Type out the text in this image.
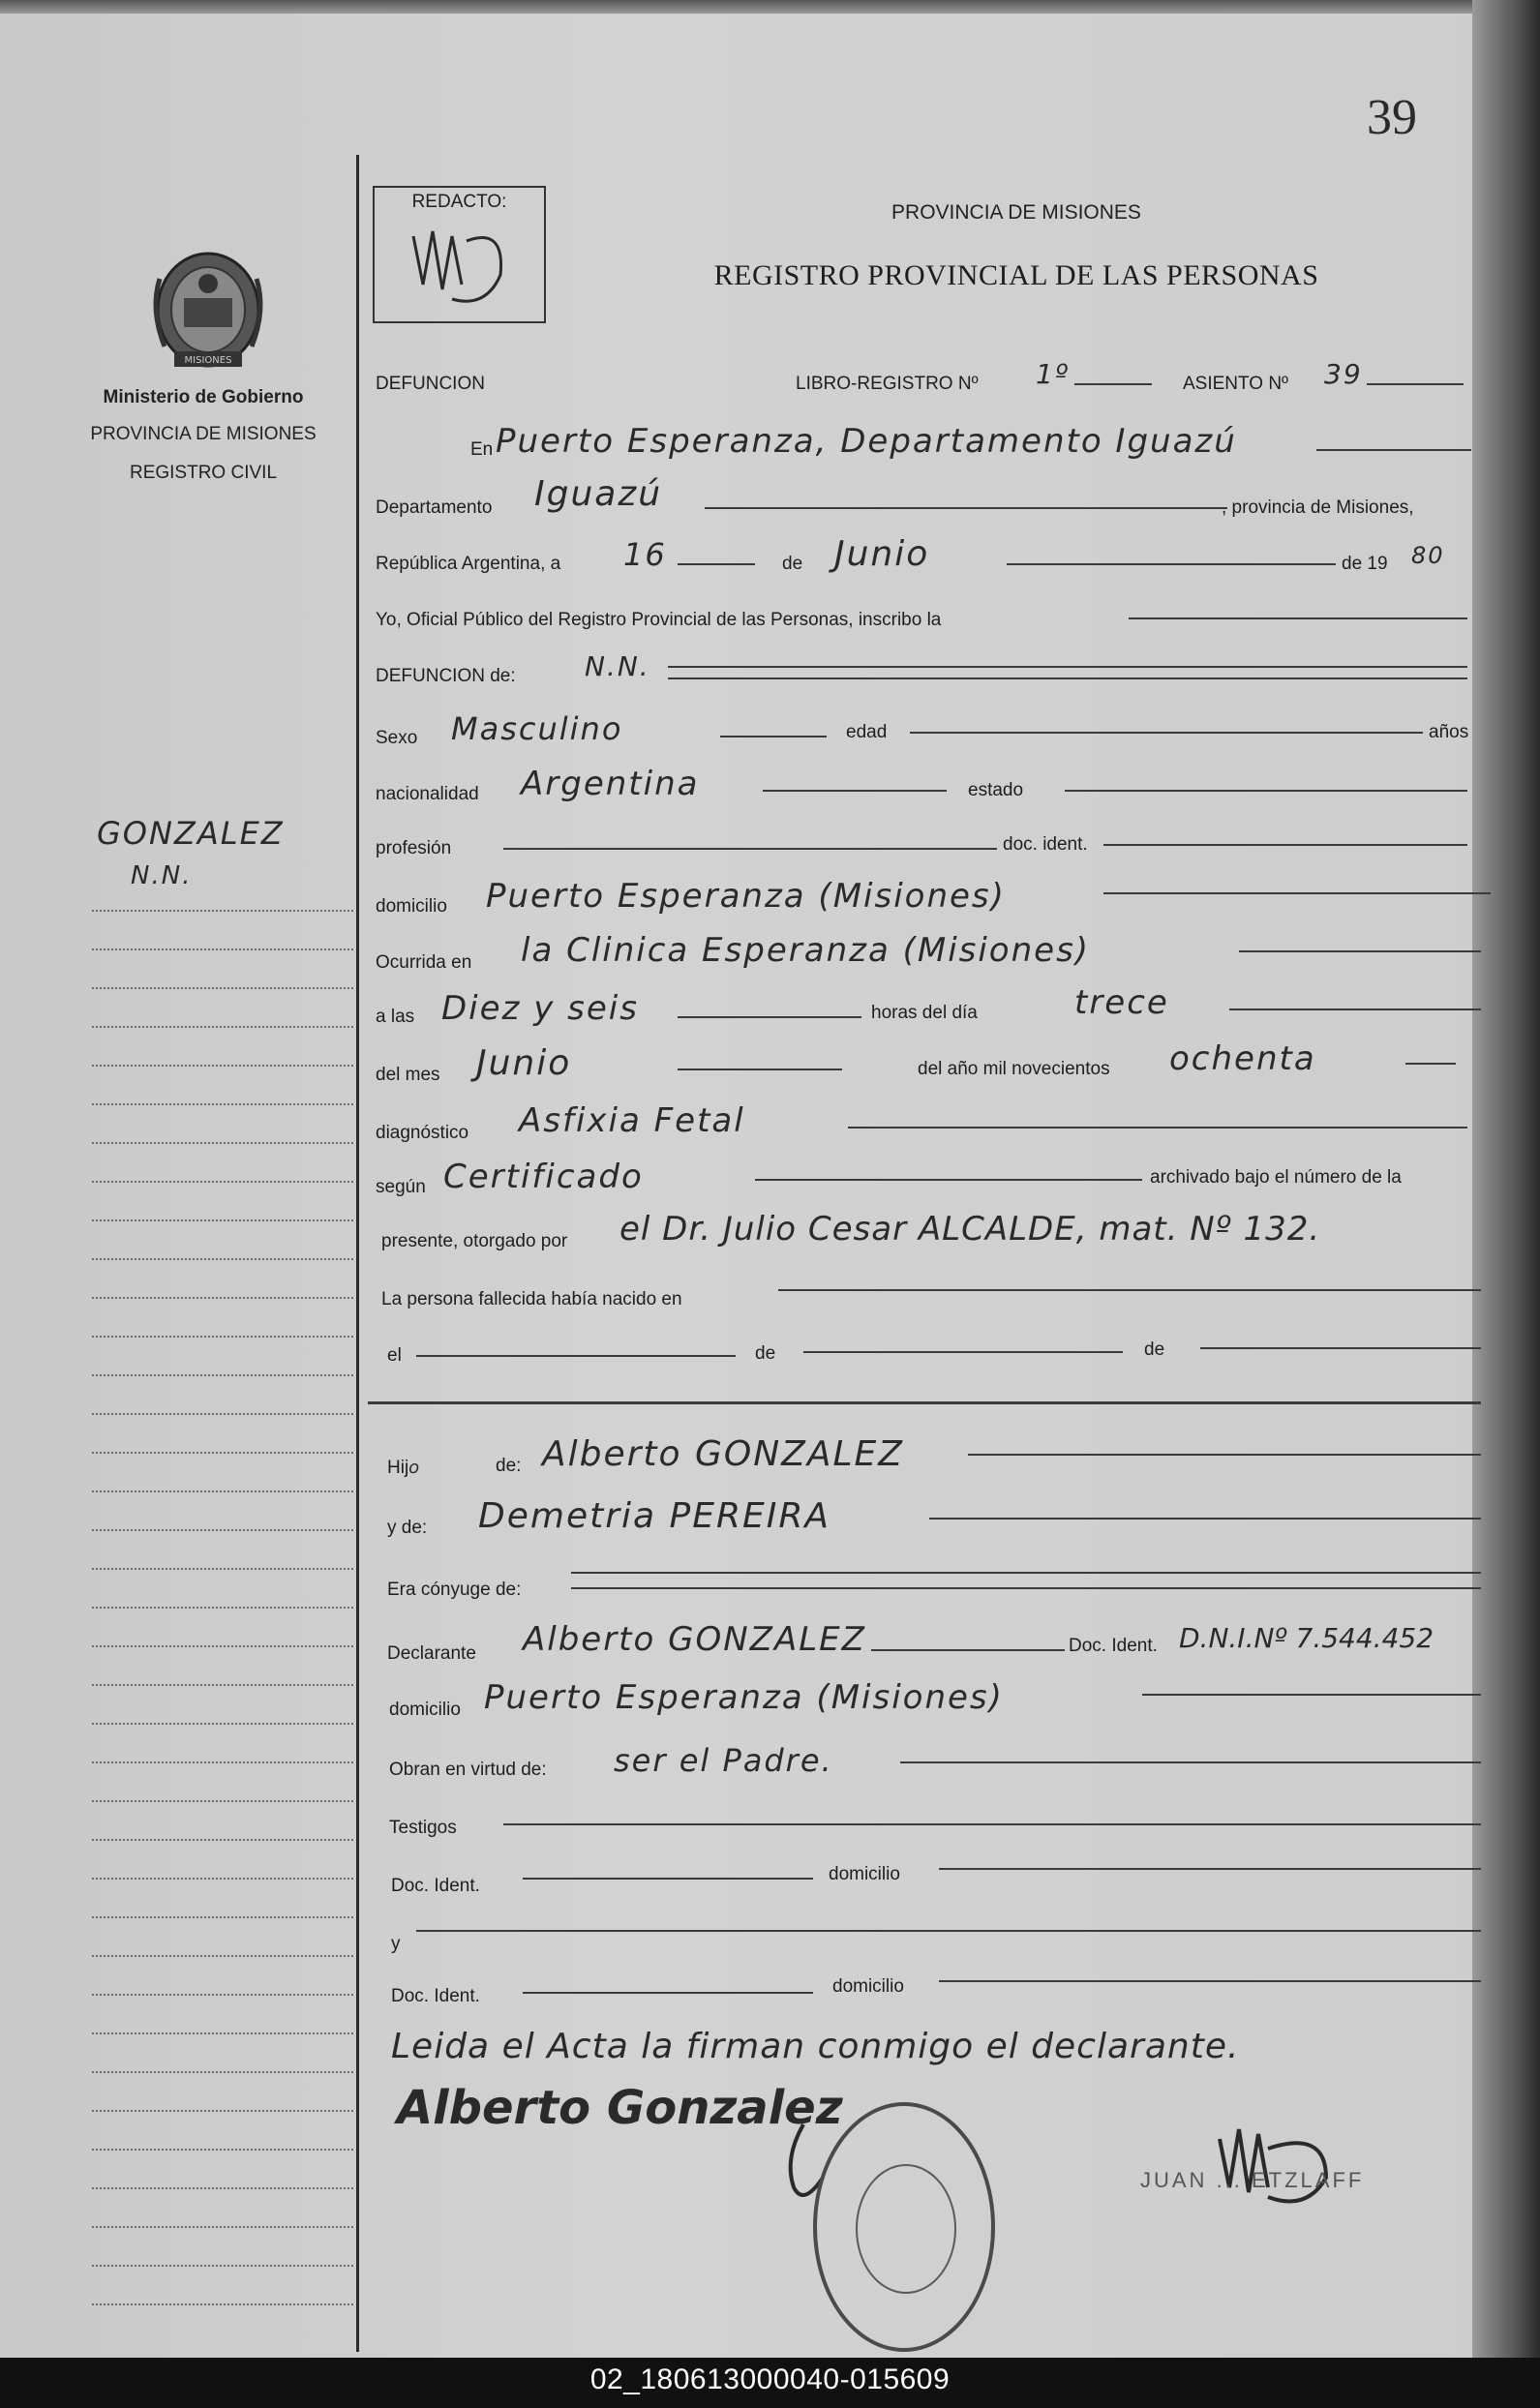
39
MISIONES
Ministerio de Gobierno
PROVINCIA DE MISIONES
REGISTRO CIVIL
GONZALEZ
N.N.
REDACTO:	PROVINCIA DE MISIONES
REGISTRO PROVINCIAL DE LAS PERSONAS
DEFUNCION	LIBRO-REGISTRO Nº 1º	ASIENTO Nº 39
En Puerto Esperanza, Departamento Iguazú
Departamento Iguazú	, provincia de Misiones,
República Argentina, a 16	de Junio	de 19 80
Yo, Oficial Público del Registro Provincial de las Personas, inscribo la
DEFUNCION de:	N.N.
Sexo Masculino	edad	años
nacionalidad Argentina	estado
profesión	doc. ident.
domicilio Puerto Esperanza (Misiones)
Ocurrida en la Clinica Esperanza (Misiones)
a las Diez y seis	horas del día	trece
del mes Junio	del año mil novecientos ochenta
diagnóstico Asfixia Fetal
según Certificado	archivado bajo el número de la
presente, otorgado por el Dr. Julio Cesar ALCALDE, mat. Nº 132.
La persona fallecida había nacido en
el	de	de
Hijo	de: Alberto GONZALEZ
y de: Demetria PEREIRA
Era cónyuge de:
Declarante Alberto GONZALEZ	Doc. Ident. D.N.I.Nº 7.544.452
domicilio Puerto Esperanza (Misiones)
Obran en virtud de: ser el Padre.
Testigos
Doc. Ident.
domicilio
y
Doc. Ident.	domicilio
Leida el Acta la firman conmigo el declarante.
Alberto Gonzalez
JUAN ... ETZLAFF
02_180613000040-015609
